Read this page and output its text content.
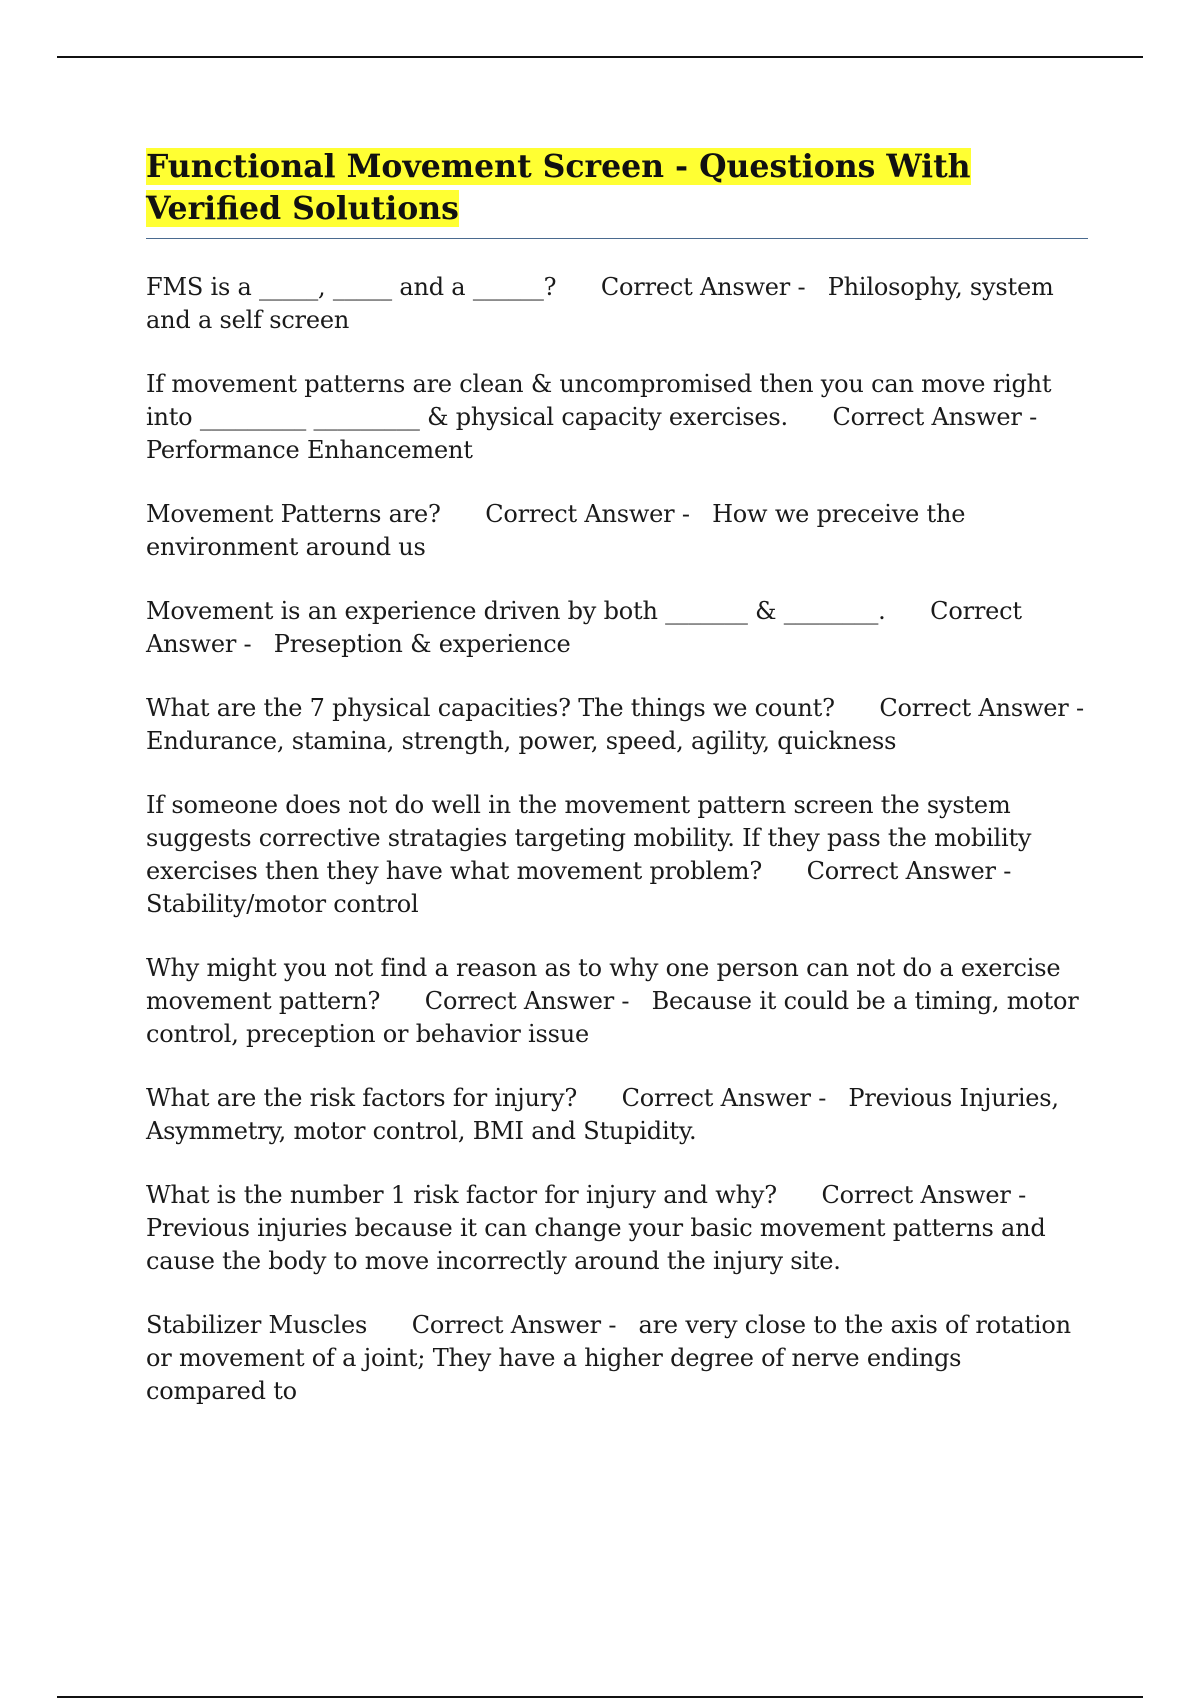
Functional Movement Screen - Questions With Verified Solutions

FMS is a _____, _____ and a ______?      Correct Answer -   Philosophy, system and a self screen

If movement patterns are clean & uncompromised then you can move right into _________ _________ & physical capacity exercises.      Correct Answer -   Performance Enhancement

Movement Patterns are?      Correct Answer -   How we preceive the environment around us

Movement is an experience driven by both _______ & ________.      Correct Answer -   Preseption & experience

What are the 7 physical capacities? The things we count?      Correct Answer -   Endurance, stamina, strength, power, speed, agility, quickness

If someone does not do well in the movement pattern screen the system suggests corrective stratagies targeting mobility. If they pass the mobility exercises then they have what movement problem?      Correct Answer -   Stability/motor control

Why might you not find a reason as to why one person can not do a exercise movement pattern?      Correct Answer -   Because it could be a timing, motor control, preception or behavior issue

What are the risk factors for injury?      Correct Answer -   Previous Injuries, Asymmetry, motor control, BMI and Stupidity.

What is the number 1 risk factor for injury and why?      Correct Answer -   Previous injuries because it can change your basic movement patterns and cause the body to move incorrectly around the injury site.

Stabilizer Muscles      Correct Answer -   are very close to the axis of rotation or movement of a joint; They have a higher degree of nerve endings compared to
